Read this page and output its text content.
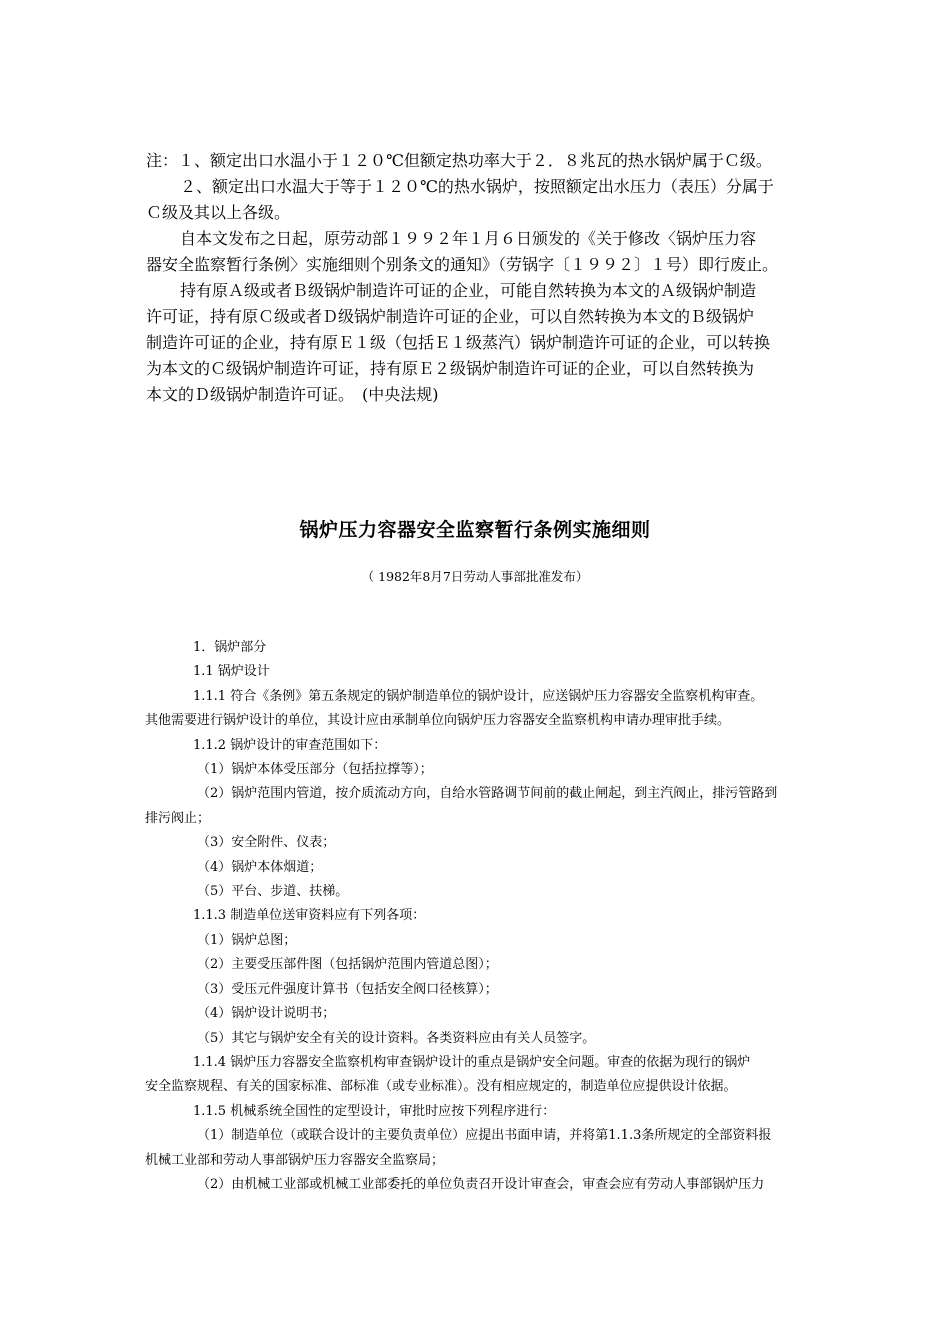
注：１、额定出口水温小于１２０℃但额定热功率大于２．８兆瓦的热水锅炉属于Ｃ级。

２、额定出口水温大于等于１２０℃的热水锅炉，按照额定出水压力（表压）分属于

Ｃ级及其以上各级。

自本文发布之日起，原劳动部１９９２年１月６日颁发的《关于修改〈锅炉压力容

器安全监察暂行条例〉实施细则个别条文的通知》（劳锅字〔１９９２〕１号）即行废止。

持有原Ａ级或者Ｂ级锅炉制造许可证的企业，可能自然转换为本文的Ａ级锅炉制造

许可证，持有原Ｃ级或者Ｄ级锅炉制造许可证的企业，可以自然转换为本文的Ｂ级锅炉

制造许可证的企业，持有原Ｅ１级（包括Ｅ１级蒸汽）锅炉制造许可证的企业，可以转换

为本文的Ｃ级锅炉制造许可证，持有原Ｅ２级锅炉制造许可证的企业，可以自然转换为

本文的Ｄ级锅炉制造许可证。　(中央法规)

锅炉压力容器安全监察暂行条例实施细则
（ 1982年8月7日劳动人事部批准发布）

1．锅炉部分

1.1 锅炉设计

1.1.1 符合《条例》第五条规定的锅炉制造单位的锅炉设计，应送锅炉压力容器安全监察机构审查。

其他需要进行锅炉设计的单位，其设计应由承制单位向锅炉压力容器安全监察机构申请办理审批手续。

1.1.2 锅炉设计的审查范围如下：

（1）锅炉本体受压部分（包括拉撑等）；

（2）锅炉范围内管道，按介质流动方向，自给水管路调节间前的截止闸起，到主汽阀止，排污管路到

排污阀止；

（3）安全附件、仪表；

（4）锅炉本体烟道；

（5）平台、步道、扶梯。

1.1.3 制造单位送审资料应有下列各项：

（1）锅炉总图；

（2）主要受压部件图（包括锅炉范围内管道总图）；

（3）受压元件强度计算书（包括安全阀口径核算）；

（4）锅炉设计说明书；

（5）其它与锅炉安全有关的设计资料。各类资料应由有关人员签字。

1.1.4 锅炉压力容器安全监察机构审查锅炉设计的重点是锅炉安全问题。审查的依据为现行的锅炉

安全监察规程、有关的国家标准、部标准（或专业标准）。没有相应规定的，制造单位应提供设计依据。

1.1.5 机械系统全国性的定型设计，审批时应按下列程序进行：

（1）制造单位（或联合设计的主要负责单位）应提出书面申请，并将第1.1.3条所规定的全部资料报

机械工业部和劳动人事部锅炉压力容器安全监察局；

（2）由机械工业部或机械工业部委托的单位负责召开设计审查会，审查会应有劳动人事部锅炉压力
